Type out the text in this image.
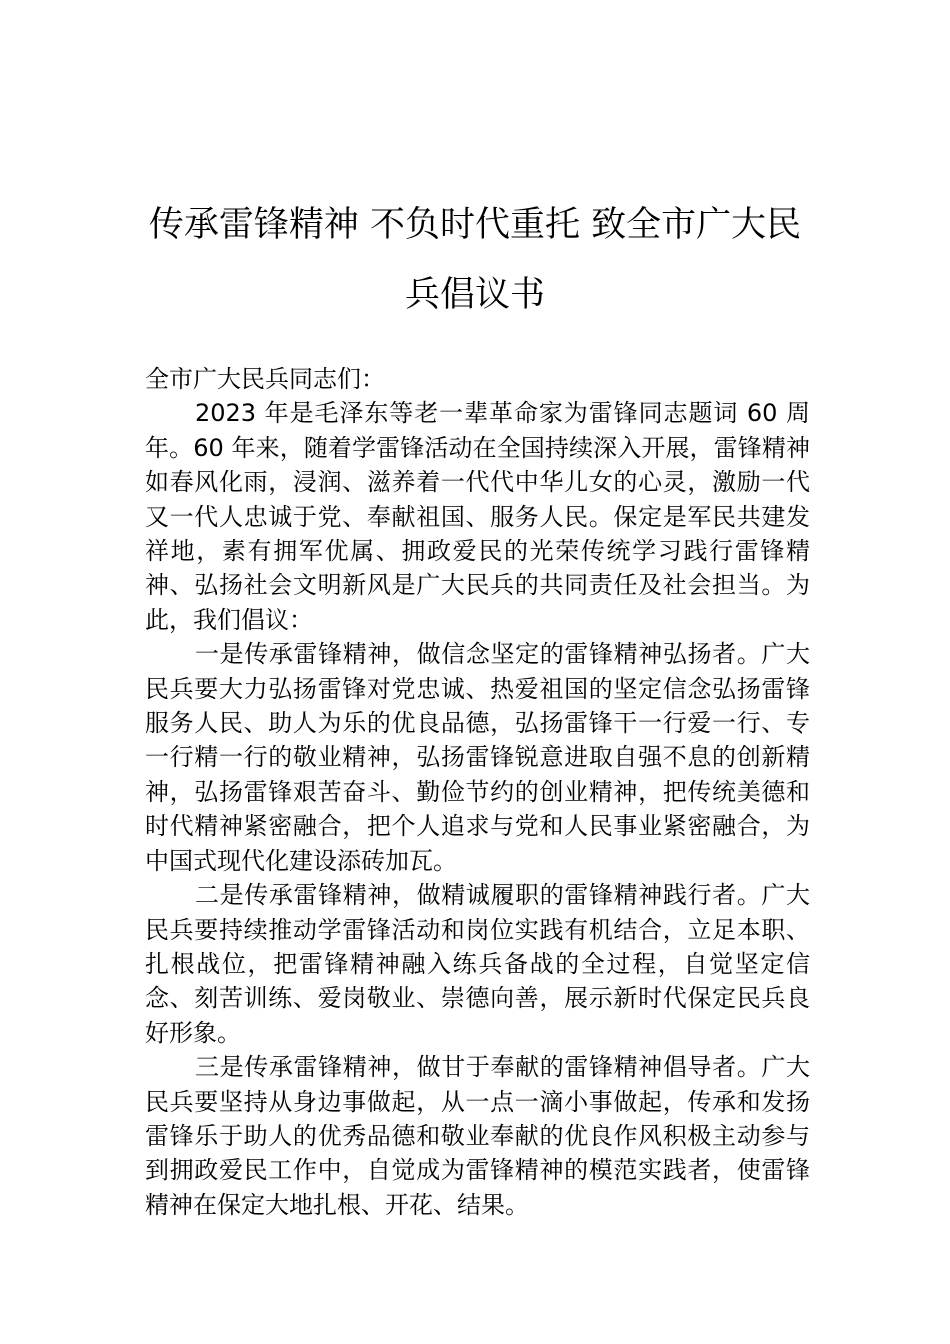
传承雷锋精神 不负时代重托 致全市广大民
兵倡议书

全市广大民兵同志们：

2023 年是毛泽东等老一辈革命家为雷锋同志题词 60 周年。60 年来，随着学雷锋活动在全国持续深入开展，雷锋精神如春风化雨，浸润、滋养着一代代中华儿女的心灵，激励一代又一代人忠诚于党、奉献祖国、服务人民。保定是军民共建发祥地，素有拥军优属、拥政爱民的光荣传统学习践行雷锋精神、弘扬社会文明新风是广大民兵的共同责任及社会担当。为此，我们倡议：

一是传承雷锋精神，做信念坚定的雷锋精神弘扬者。广大民兵要大力弘扬雷锋对党忠诚、热爱祖国的坚定信念弘扬雷锋服务人民、助人为乐的优良品德，弘扬雷锋干一行爱一行、专一行精一行的敬业精神，弘扬雷锋锐意进取自强不息的创新精神，弘扬雷锋艰苦奋斗、勤俭节约的创业精神，把传统美德和时代精神紧密融合，把个人追求与党和人民事业紧密融合，为中国式现代化建设添砖加瓦。

二是传承雷锋精神，做精诚履职的雷锋精神践行者。广大民兵要持续推动学雷锋活动和岗位实践有机结合，立足本职、扎根战位，把雷锋精神融入练兵备战的全过程，自觉坚定信念、刻苦训练、爱岗敬业、崇德向善，展示新时代保定民兵良好形象。

三是传承雷锋精神，做甘于奉献的雷锋精神倡导者。广大民兵要坚持从身边事做起，从一点一滴小事做起，传承和发扬雷锋乐于助人的优秀品德和敬业奉献的优良作风积极主动参与到拥政爱民工作中，自觉成为雷锋精神的模范实践者，使雷锋精神在保定大地扎根、开花、结果。
